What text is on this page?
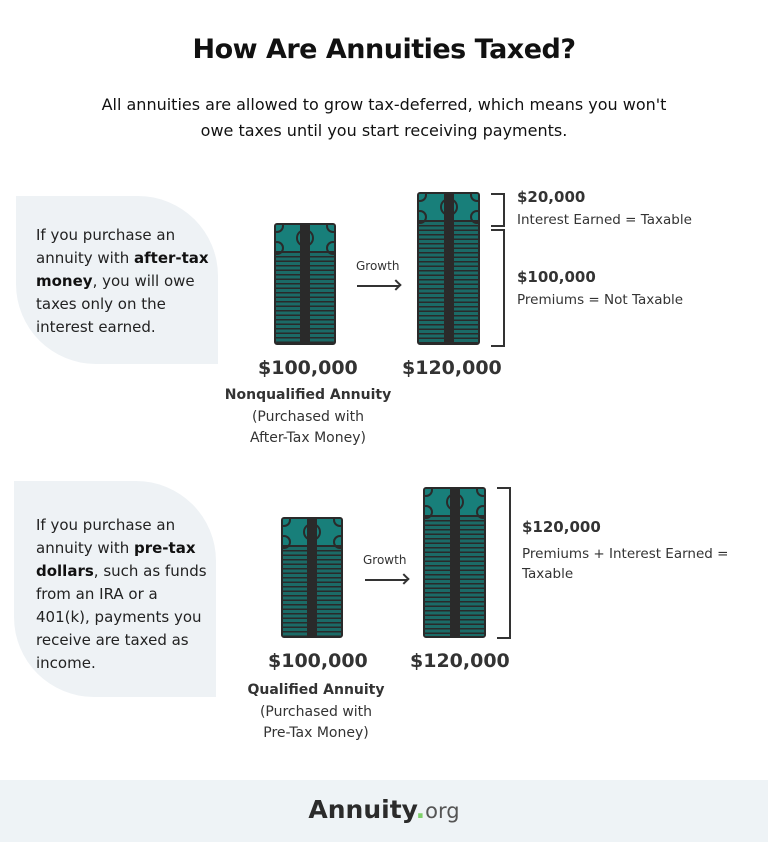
How Are Annuities Taxed?
All annuities are allowed to grow tax-deferred, which means you won't
owe taxes until you start receiving payments.
If you purchase an annuity with after-tax money, you will owe taxes only on the interest earned.
Growth
$20,000
Interest Earned = Taxable
$100,000
Premiums = Not Taxable
$100,000 $120,000
Nonqualified Annuity
(Purchased with
After-Tax Money)
If you purchase an annuity with pre-tax dollars, such as funds from an IRA or a 401(k), payments you receive are taxed as income.
Growth
$120,000
Premiums + Interest Earned = Taxable
$100,000 $120,000
Qualified Annuity
(Purchased with
Pre-Tax Money)
Annuity.org
